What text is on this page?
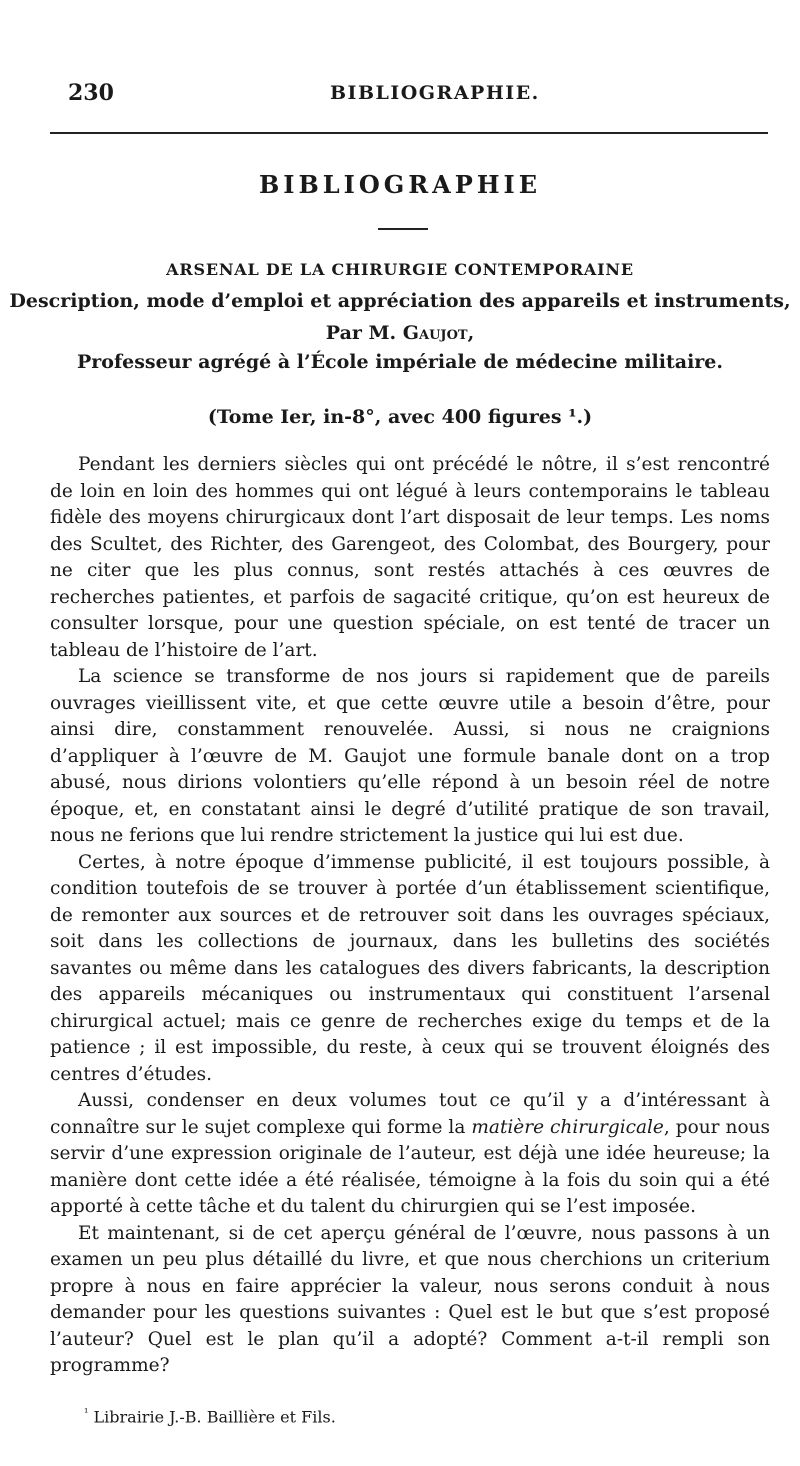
230	BIBLIOGRAPHIE.
BIBLIOGRAPHIE
ARSENAL DE LA CHIRURGIE CONTEMPORAINE
Description, mode d’emploi et appréciation des appareils et instruments,
Par M. Gaujot,
Professeur agrégé à l’École impériale de médecine militaire.
(Tome Ier, in-8°, avec 400 figures ¹.)

Pendant les derniers siècles qui ont précédé le nôtre, il s’est rencontré de loin en loin des hommes qui ont légué à leurs contemporains le tableau fidèle des moyens chirurgicaux dont l’art disposait de leur temps. Les noms des Scultet, des Richter, des Garengeot, des Colombat, des Bourgery, pour ne citer que les plus connus, sont restés attachés à ces œuvres de recherches patientes, et parfois de sagacité critique, qu’on est heureux de consulter lorsque, pour une question spéciale, on est tenté de tracer un tableau de l’histoire de l’art.

La science se transforme de nos jours si rapidement que de pareils ouvrages vieillissent vite, et que cette œuvre utile a besoin d’être, pour ainsi dire, constamment renouvelée. Aussi, si nous ne craignions d’appliquer à l’œuvre de M. Gaujot une formule banale dont on a trop abusé, nous dirions volontiers qu’elle répond à un besoin réel de notre époque, et, en constatant ainsi le degré d’utilité pratique de son travail, nous ne ferions que lui rendre strictement la justice qui lui est due.

Certes, à notre époque d’immense publicité, il est toujours possible, à condition toutefois de se trouver à portée d’un établissement scientifique, de remonter aux sources et de retrouver soit dans les ouvrages spéciaux, soit dans les collections de journaux, dans les bulletins des sociétés savantes ou même dans les catalogues des divers fabricants, la description des appareils mécaniques ou instrumentaux qui constituent l’arsenal chirurgical actuel; mais ce genre de recherches exige du temps et de la patience ; il est impossible, du reste, à ceux qui se trouvent éloignés des centres d’études.

Aussi, condenser en deux volumes tout ce qu’il y a d’intéressant à connaître sur le sujet complexe qui forme la matière chirurgicale, pour nous servir d’une expression originale de l’auteur, est déjà une idée heureuse; la manière dont cette idée a été réalisée, témoigne à la fois du soin qui a été apporté à cette tâche et du talent du chirurgien qui se l’est imposée.

Et maintenant, si de cet aperçu général de l’œuvre, nous passons à un examen un peu plus détaillé du livre, et que nous cherchions un criterium propre à nous en faire apprécier la valeur, nous serons conduit à nous demander pour les questions suivantes : Quel est le but que s’est proposé l’auteur? Quel est le plan qu’il a adopté? Comment a-t-il rempli son programme?

$^{^1}$ Librairie J.-B. Baillière et Fils.
